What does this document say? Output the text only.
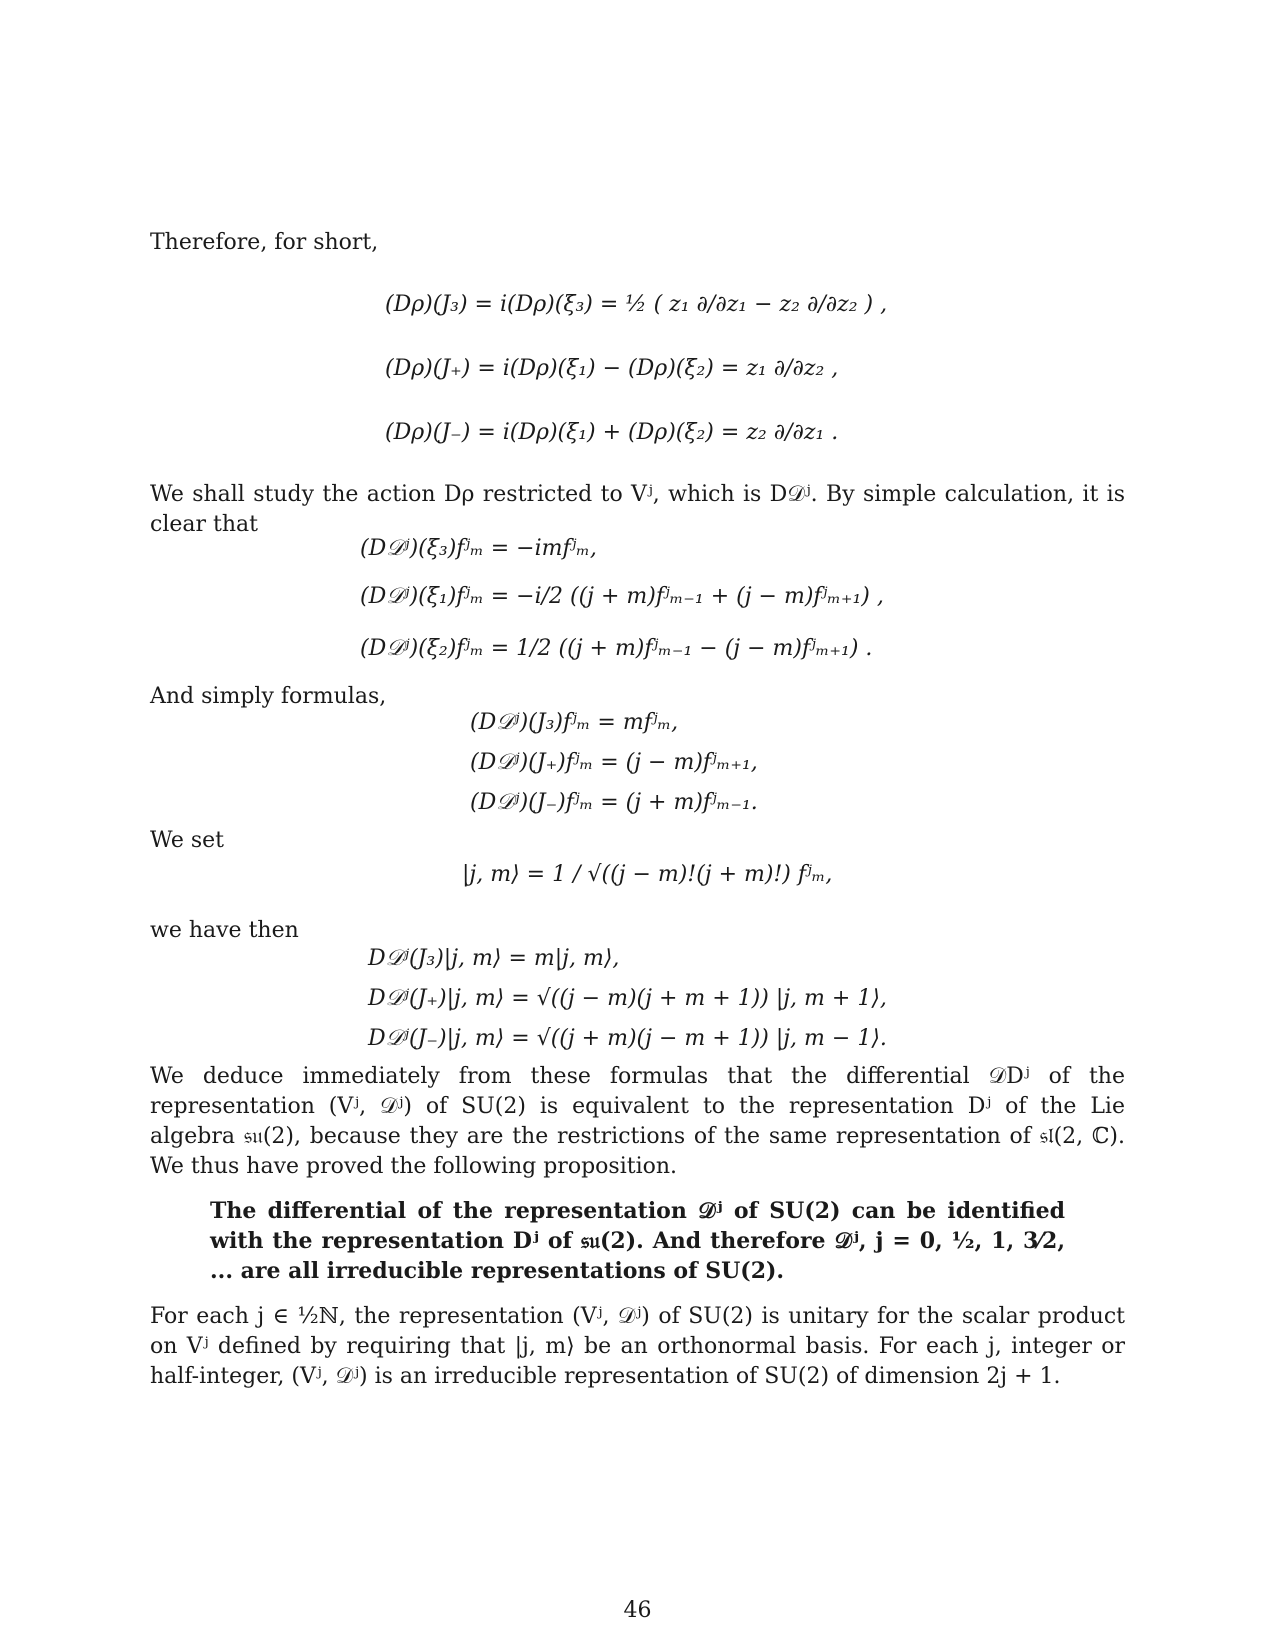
Therefore, for short,
(Dρ)(J₃) = i(Dρ)(ξ₃) = ½ ( z₁ ∂/∂z₁ − z₂ ∂/∂z₂ ) ,
(Dρ)(J₊) = i(Dρ)(ξ₁) − (Dρ)(ξ₂) = z₁ ∂/∂z₂ ,
(Dρ)(J₋) = i(Dρ)(ξ₁) + (Dρ)(ξ₂) = z₂ ∂/∂z₁ .
We shall study the action Dρ restricted to Vʲ, which is D𝒟ʲ. By simple calculation, it is clear that
(D𝒟ʲ)(ξ₃)fʲₘ = −imfʲₘ,
(D𝒟ʲ)(ξ₁)fʲₘ = −i/2 ((j + m)fʲₘ₋₁ + (j − m)fʲₘ₊₁) ,
(D𝒟ʲ)(ξ₂)fʲₘ = 1/2 ((j + m)fʲₘ₋₁ − (j − m)fʲₘ₊₁) .
And simply formulas,
(D𝒟ʲ)(J₃)fʲₘ = mfʲₘ,
(D𝒟ʲ)(J₊)fʲₘ = (j − m)fʲₘ₊₁,
(D𝒟ʲ)(J₋)fʲₘ = (j + m)fʲₘ₋₁.
We set
|j, m⟩ = 1 / √((j − m)!(j + m)!) fʲₘ,
we have then
D𝒟ʲ(J₃)|j, m⟩ = m|j, m⟩,
D𝒟ʲ(J₊)|j, m⟩ = √((j − m)(j + m + 1)) |j, m + 1⟩,
D𝒟ʲ(J₋)|j, m⟩ = √((j + m)(j − m + 1)) |j, m − 1⟩.
We deduce immediately from these formulas that the differential 𝒟Dʲ of the representation (Vʲ, 𝒟ʲ) of SU(2) is equivalent to the representation Dʲ of the Lie algebra 𝔰𝔲(2), because they are the restrictions of the same representation of 𝔰𝔩(2, ℂ). We thus have proved the following proposition.
The differential of the representation 𝒟ʲ of SU(2) can be identified with the representation Dʲ of 𝔰𝔲(2). And therefore 𝒟ʲ, j = 0, ½, 1, 3⁄2, ... are all irreducible representations of SU(2).
For each j ∈ ½ℕ, the representation (Vʲ, 𝒟ʲ) of SU(2) is unitary for the scalar product on Vʲ defined by requiring that |j, m⟩ be an orthonormal basis. For each j, integer or half-integer, (Vʲ, 𝒟ʲ) is an irreducible representation of SU(2) of dimension 2j + 1.
46
